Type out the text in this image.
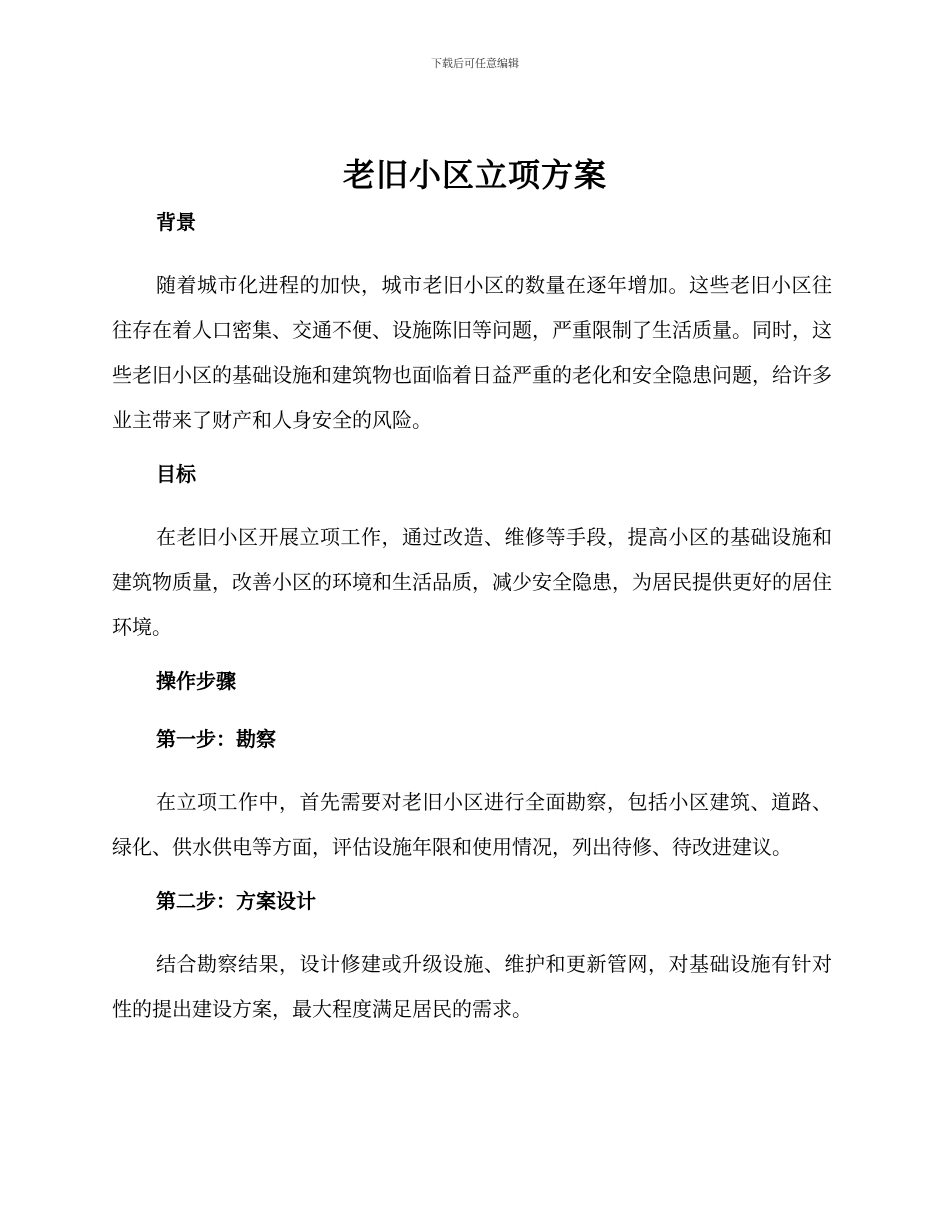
下载后可任意编辑
老旧小区立项方案
背景

随着城市化进程的加快，城市老旧小区的数量在逐年增加。这些老旧小区往往存在着人口密集、交通不便、设施陈旧等问题，严重限制了生活质量。同时，这些老旧小区的基础设施和建筑物也面临着日益严重的老化和安全隐患问题，给许多业主带来了财产和人身安全的风险。

目标

在老旧小区开展立项工作，通过改造、维修等手段，提高小区的基础设施和建筑物质量，改善小区的环境和生活品质，减少安全隐患，为居民提供更好的居住环境。

操作步骤
第一步：勘察

在立项工作中，首先需要对老旧小区进行全面勘察，包括小区建筑、道路、绿化、供水供电等方面，评估设施年限和使用情况，列出待修、待改进建议。

第二步：方案设计

结合勘察结果，设计修建或升级设施、维护和更新管网，对基础设施有针对性的提出建设方案，最大程度满足居民的需求。
